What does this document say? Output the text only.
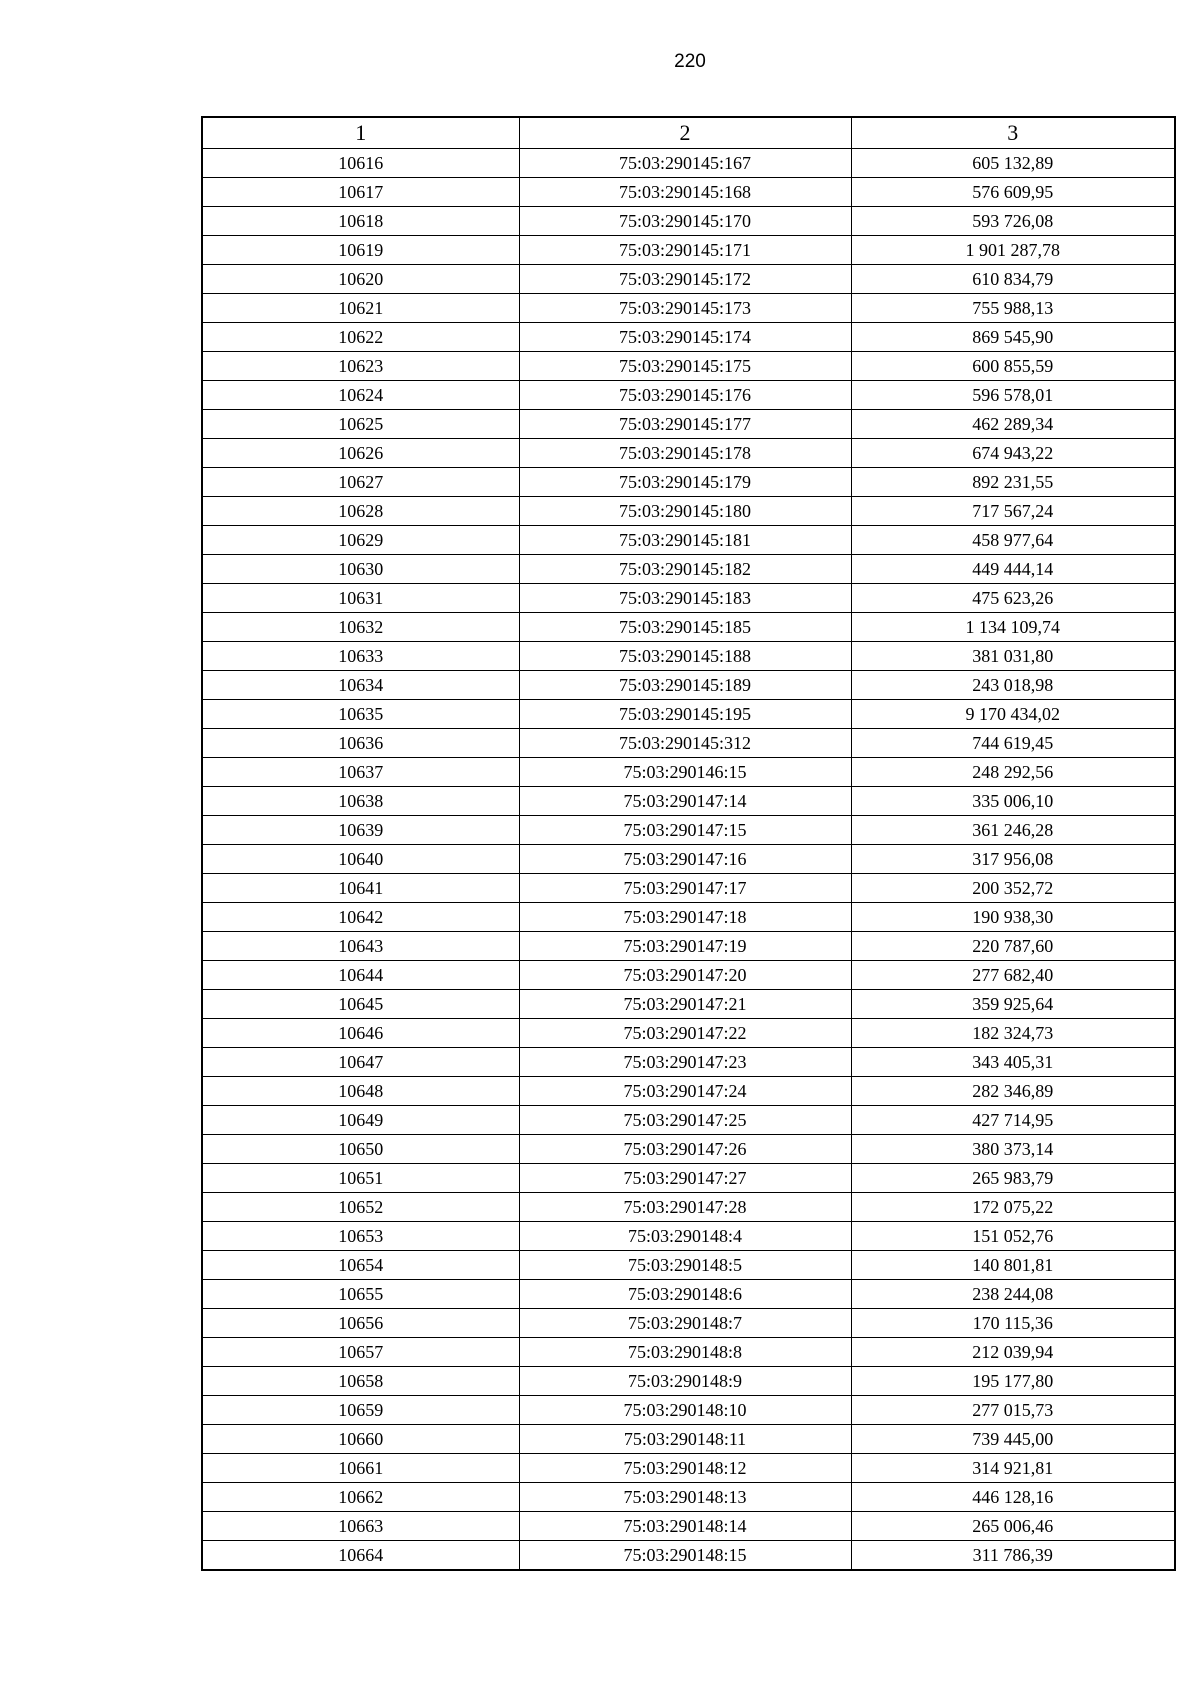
220
1	2	3
10616	75:03:290145:167	605 132,89
10617	75:03:290145:168	576 609,95
10618	75:03:290145:170	593 726,08
10619	75:03:290145:171	1 901 287,78
10620	75:03:290145:172	610 834,79
10621	75:03:290145:173	755 988,13
10622	75:03:290145:174	869 545,90
10623	75:03:290145:175	600 855,59
10624	75:03:290145:176	596 578,01
10625	75:03:290145:177	462 289,34
10626	75:03:290145:178	674 943,22
10627	75:03:290145:179	892 231,55
10628	75:03:290145:180	717 567,24
10629	75:03:290145:181	458 977,64
10630	75:03:290145:182	449 444,14
10631	75:03:290145:183	475 623,26
10632	75:03:290145:185	1 134 109,74
10633	75:03:290145:188	381 031,80
10634	75:03:290145:189	243 018,98
10635	75:03:290145:195	9 170 434,02
10636	75:03:290145:312	744 619,45
10637	75:03:290146:15	248 292,56
10638	75:03:290147:14	335 006,10
10639	75:03:290147:15	361 246,28
10640	75:03:290147:16	317 956,08
10641	75:03:290147:17	200 352,72
10642	75:03:290147:18	190 938,30
10643	75:03:290147:19	220 787,60
10644	75:03:290147:20	277 682,40
10645	75:03:290147:21	359 925,64
10646	75:03:290147:22	182 324,73
10647	75:03:290147:23	343 405,31
10648	75:03:290147:24	282 346,89
10649	75:03:290147:25	427 714,95
10650	75:03:290147:26	380 373,14
10651	75:03:290147:27	265 983,79
10652	75:03:290147:28	172 075,22
10653	75:03:290148:4	151 052,76
10654	75:03:290148:5	140 801,81
10655	75:03:290148:6	238 244,08
10656	75:03:290148:7	170 115,36
10657	75:03:290148:8	212 039,94
10658	75:03:290148:9	195 177,80
10659	75:03:290148:10	277 015,73
10660	75:03:290148:11	739 445,00
10661	75:03:290148:12	314 921,81
10662	75:03:290148:13	446 128,16
10663	75:03:290148:14	265 006,46
10664	75:03:290148:15	311 786,39
